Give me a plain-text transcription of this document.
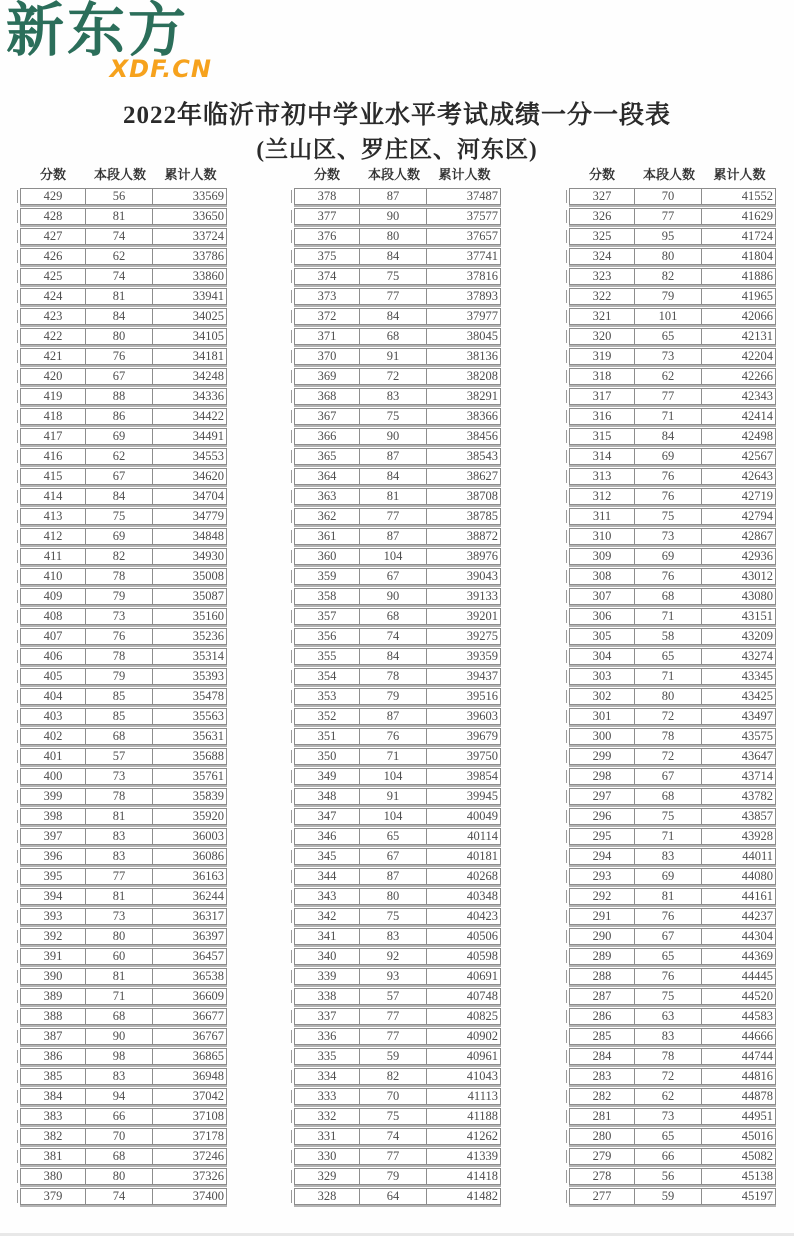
新东方
XDF.CN
2022年临沂市初中学业水平考试成绩一分一段表
(兰山区、罗庄区、河东区)
分数	本段人数	累计人数
429	56	33569
428	81	33650
427	74	33724
426	62	33786
425	74	33860
424	81	33941
423	84	34025
422	80	34105
421	76	34181
420	67	34248
419	88	34336
418	86	34422
417	69	34491
416	62	34553
415	67	34620
414	84	34704
413	75	34779
412	69	34848
411	82	34930
410	78	35008
409	79	35087
408	73	35160
407	76	35236
406	78	35314
405	79	35393
404	85	35478
403	85	35563
402	68	35631
401	57	35688
400	73	35761
399	78	35839
398	81	35920
397	83	36003
396	83	36086
395	77	36163
394	81	36244
393	73	36317
392	80	36397
391	60	36457
390	81	36538
389	71	36609
388	68	36677
387	90	36767
386	98	36865
385	83	36948
384	94	37042
383	66	37108
382	70	37178
381	68	37246
380	80	37326
379	74	37400
分数	本段人数	累计人数
378	87	37487
377	90	37577
376	80	37657
375	84	37741
374	75	37816
373	77	37893
372	84	37977
371	68	38045
370	91	38136
369	72	38208
368	83	38291
367	75	38366
366	90	38456
365	87	38543
364	84	38627
363	81	38708
362	77	38785
361	87	38872
360	104	38976
359	67	39043
358	90	39133
357	68	39201
356	74	39275
355	84	39359
354	78	39437
353	79	39516
352	87	39603
351	76	39679
350	71	39750
349	104	39854
348	91	39945
347	104	40049
346	65	40114
345	67	40181
344	87	40268
343	80	40348
342	75	40423
341	83	40506
340	92	40598
339	93	40691
338	57	40748
337	77	40825
336	77	40902
335	59	40961
334	82	41043
333	70	41113
332	75	41188
331	74	41262
330	77	41339
329	79	41418
328	64	41482
分数	本段人数	累计人数
327	70	41552
326	77	41629
325	95	41724
324	80	41804
323	82	41886
322	79	41965
321	101	42066
320	65	42131
319	73	42204
318	62	42266
317	77	42343
316	71	42414
315	84	42498
314	69	42567
313	76	42643
312	76	42719
311	75	42794
310	73	42867
309	69	42936
308	76	43012
307	68	43080
306	71	43151
305	58	43209
304	65	43274
303	71	43345
302	80	43425
301	72	43497
300	78	43575
299	72	43647
298	67	43714
297	68	43782
296	75	43857
295	71	43928
294	83	44011
293	69	44080
292	81	44161
291	76	44237
290	67	44304
289	65	44369
288	76	44445
287	75	44520
286	63	44583
285	83	44666
284	78	44744
283	72	44816
282	62	44878
281	73	44951
280	65	45016
279	66	45082
278	56	45138
277	59	45197
